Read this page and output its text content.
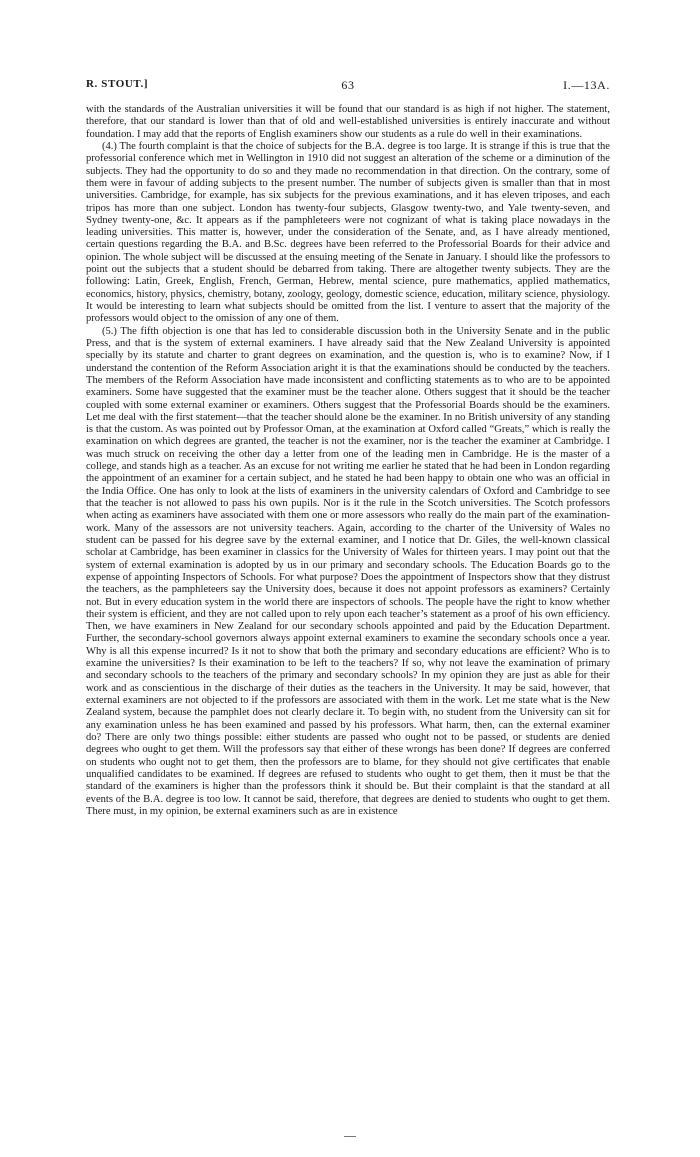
R. STOUT.]	63	I.—13A.

with the standards of the Australian universities it will be found that our standard is as high if not higher. The statement, therefore, that our standard is lower than that of old and well-established universities is entirely inaccurate and without foundation. I may add that the reports of English examiners show our students as a rule do well in their examinations.

(4.) The fourth complaint is that the choice of subjects for the B.A. degree is too large. It is strange if this is true that the professorial conference which met in Wellington in 1910 did not suggest an alteration of the scheme or a diminution of the subjects. They had the opportunity to do so and they made no recommendation in that direction. On the contrary, some of them were in favour of adding subjects to the present number. The number of subjects given is smaller than that in most universities. Cambridge, for example, has six subjects for the previous examinations, and it has eleven triposes, and each tripos has more than one subject. London has twenty-four subjects, Glasgow twenty-two, and Yale twenty-seven, and Sydney twenty-one, &c. It appears as if the pamphleteers were not cognizant of what is taking place nowadays in the leading universities. This matter is, however, under the consideration of the Senate, and, as I have already mentioned, certain questions regarding the B.A. and B.Sc. degrees have been referred to the Professorial Boards for their advice and opinion. The whole subject will be discussed at the ensuing meeting of the Senate in January. I should like the professors to point out the subjects that a student should be debarred from taking. There are altogether twenty subjects. They are the following: Latin, Greek, English, French, German, Hebrew, mental science, pure mathematics, applied mathematics, economics, history, physics, chemistry, botany, zoology, geology, domestic science, education, military science, physiology. It would be interesting to learn what subjects should be omitted from the list. I venture to assert that the majority of the professors would object to the omission of any one of them.

(5.) The fifth objection is one that has led to considerable discussion both in the University Senate and in the public Press, and that is the system of external examiners. I have already said that the New Zealand University is appointed specially by its statute and charter to grant degrees on examination, and the question is, who is to examine? Now, if I understand the contention of the Reform Association aright it is that the examinations should be conducted by the teachers. The members of the Reform Association have made inconsistent and conflicting statements as to who are to be appointed examiners. Some have suggested that the examiner must be the teacher alone. Others suggest that it should be the teacher coupled with some external examiner or examiners. Others suggest that the Professorial Boards should be the examiners. Let me deal with the first statement—that the teacher should alone be the examiner. In no British university of any standing is that the custom. As was pointed out by Professor Oman, at the examination at Oxford called “Greats,” which is really the examination on which degrees are granted, the teacher is not the examiner, nor is the teacher the examiner at Cambridge. I was much struck on receiving the other day a letter from one of the leading men in Cambridge. He is the master of a college, and stands high as a teacher. As an excuse for not writing me earlier he stated that he had been in London regarding the appointment of an examiner for a certain subject, and he stated he had been happy to obtain one who was an official in the India Office. One has only to look at the lists of examiners in the university calendars of Oxford and Cambridge to see that the teacher is not allowed to pass his own pupils. Nor is it the rule in the Scotch universities. The Scotch professors when acting as examiners have associated with them one or more assessors who really do the main part of the examination-work. Many of the assessors are not university teachers. Again, according to the charter of the University of Wales no student can be passed for his degree save by the external examiner, and I notice that Dr. Giles, the well-known classical scholar at Cambridge, has been examiner in classics for the University of Wales for thirteen years. I may point out that the system of external examination is adopted by us in our primary and secondary schools. The Education Boards go to the expense of appointing Inspectors of Schools. For what purpose? Does the appointment of Inspectors show that they distrust the teachers, as the pamphleteers say the University does, because it does not appoint professors as examiners? Certainly not. But in every education system in the world there are inspectors of schools. The people have the right to know whether their system is efficient, and they are not called upon to rely upon each teacher’s statement as a proof of his own efficiency. Then, we have examiners in New Zealand for our secondary schools appointed and paid by the Education Department. Further, the secondary-school governors always appoint external examiners to examine the secondary schools once a year. Why is all this expense incurred? Is it not to show that both the primary and secondary educations are efficient? Who is to examine the universities? Is their examination to be left to the teachers? If so, why not leave the examination of primary and secondary schools to the teachers of the primary and secondary schools? In my opinion they are just as able for their work and as conscientious in the discharge of their duties as the teachers in the University. It may be said, however, that external examiners are not objected to if the professors are associated with them in the work. Let me state what is the New Zealand system, because the pamphlet does not clearly declare it. To begin with, no student from the University can sit for any examination unless he has been examined and passed by his professors. What harm, then, can the external examiner do? There are only two things possible: either students are passed who ought not to be passed, or students are denied degrees who ought to get them. Will the professors say that either of these wrongs has been done? If degrees are conferred on students who ought not to get them, then the professors are to blame, for they should not give certificates that enable unqualified candidates to be examined. If degrees are refused to students who ought to get them, then it must be that the standard of the examiners is higher than the professors think it should be. But their complaint is that the standard at all events of the B.A. degree is too low. It cannot be said, therefore, that degrees are denied to students who ought to get them. There must, in my opinion, be external examiners such as are in existence
